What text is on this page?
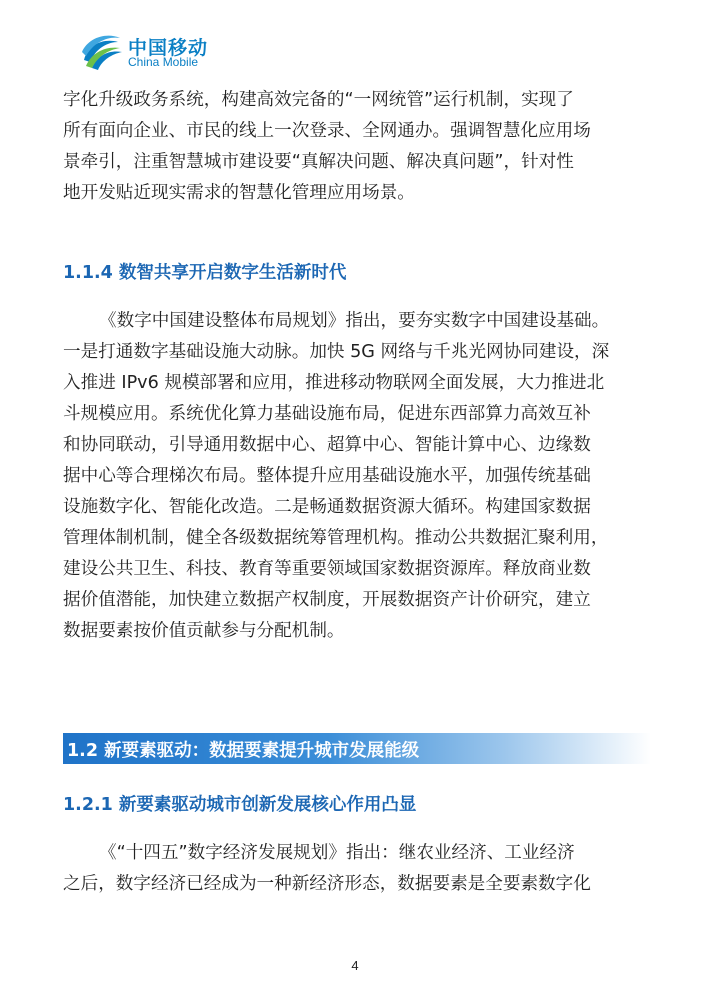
中国移动
China Mobile

字化升级政务系统，构建高效完备的“一网统管”运行机制，实现了

所有面向企业、市民的线上一次登录、全网通办。强调智慧化应用场

景牵引，注重智慧城市建设要“真解决问题、解决真问题”，针对性

地开发贴近现实需求的智慧化管理应用场景。

1.1.4 数智共享开启数字生活新时代

《数字中国建设整体布局规划》指出，要夯实数字中国建设基础。

一是打通数字基础设施大动脉。加快 5G 网络与千兆光网协同建设，深

入推进 IPv6 规模部署和应用，推进移动物联网全面发展，大力推进北

斗规模应用。系统优化算力基础设施布局，促进东西部算力高效互补

和协同联动，引导通用数据中心、超算中心、智能计算中心、边缘数

据中心等合理梯次布局。整体提升应用基础设施水平，加强传统基础

设施数字化、智能化改造。二是畅通数据资源大循环。构建国家数据

管理体制机制，健全各级数据统筹管理机构。推动公共数据汇聚利用，

建设公共卫生、科技、教育等重要领域国家数据资源库。释放商业数

据价值潜能，加快建立数据产权制度，开展数据资产计价研究，建立

数据要素按价值贡献参与分配机制。

1.2 新要素驱动：数据要素提升城市发展能级
1.2.1 新要素驱动城市创新发展核心作用凸显

《“十四五”数字经济发展规划》指出：继农业经济、工业经济

之后，数字经济已经成为一种新经济形态，数据要素是全要素数字化

4
